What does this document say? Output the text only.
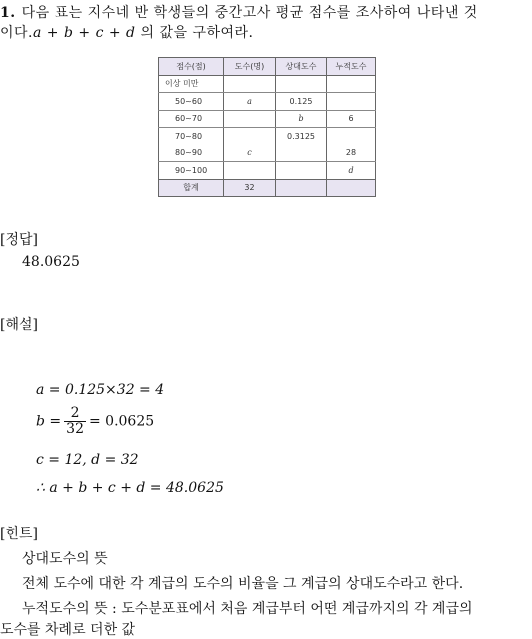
1. 다음 표는 지수네 반 학생들의 중간고사 평균 점수를 조사하여 나타낸 것
이다.a + b + c + d 의 값을 구하여라.
점수(점)	도수(명)	상대도수	누적도수
이상 미만			
50~60	a	0.125	
60~70		b	6
70~80		0.3125	
80~90	c		28
90~100			d
합계	32		
[정답]
48.0625
[해설]
a = 0.125×32 = 4
$b = \frac{2}{32} = 0.0625$
c = 12, d = 32
∴ a + b + c + d = 48.0625
[힌트]
상대도수의 뜻
전체 도수에 대한 각 계급의 도수의 비율을 그 계급의 상대도수라고 한다.
누적도수의 뜻 : 도수분포표에서 처음 계급부터 어떤 계급까지의 각 계급의
도수를 차례로 더한 값
